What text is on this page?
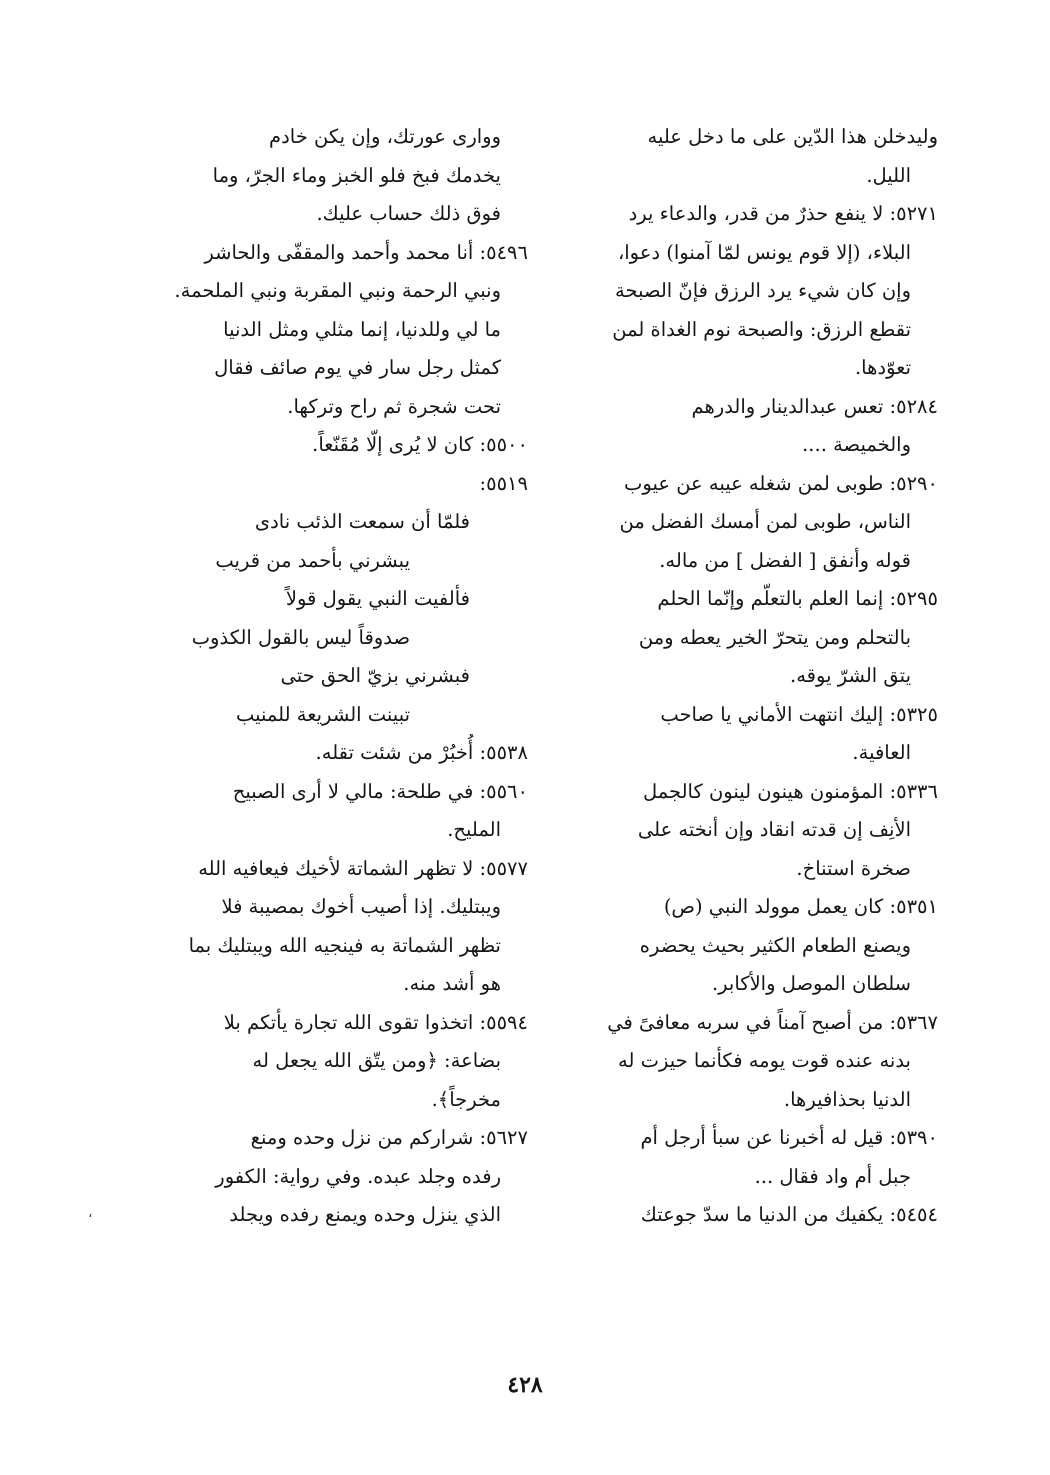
وليدخلن هذا الدّين على ما دخل عليه
الليل.
٥٢٧١: لا ينفع حذرٌ من قدر، والدعاء يرد
البلاء، (إلا قوم يونس لمّا آمنوا) دعوا،
وإن كان شيء يرد الرزق فإنّ الصبحة
تقطع الرزق: والصبحة نوم الغداة لمن
تعوّدها.
٥٢٨٤: تعس عبدالدينار والدرهم
والخميصة ....
٥٢٩٠: طوبى لمن شغله عيبه عن عيوب
الناس، طوبى لمن أمسك الفضل من
قوله وأنفق [ الفضل ] من ماله.
٥٢٩٥: إنما العلم بالتعلّم وإنّما الحلم
بالتحلم ومن يتحرّ الخير يعطه ومن
يتق الشرّ يوقه.
٥٣٢٥: إليك انتهت الأماني يا صاحب
العافية.
٥٣٣٦: المؤمنون هينون لينون كالجمل
الأنِف إن قدته انقاد وإن أنخته على
صخرة استناخ.
٥٣٥١: كان يعمل موولد النبي (ص)
ويصنع الطعام الكثير بحيث يحضره
سلطان الموصل والأكابر.
٥٣٦٧: من أصبح آمناً في سربه معافىً في
بدنه عنده قوت يومه فكأنما حيزت له
الدنيا بحذافيرها.
٥٣٩٠: قيل له أخبرنا عن سبأ أرجل أم
جبل أم واد فقال ...
٥٤٥٤: يكفيك من الدنيا ما سدّ جوعتك
وواری عورتك، وإن يكن خادم
يخدمك فبخ فلو الخبز وماء الجرّ، وما
فوق ذلك حساب عليك.
٥٤٩٦: أنا محمد وأحمد والمقفّى والحاشر
ونبي الرحمة ونبي المقربة ونبي الملحمة.
ما لي وللدنيا، إنما مثلي ومثل الدنيا
كمثل رجل سار في يوم صائف فقال
تحت شجرة ثم راح وتركها.
٥٥٠٠: كان لا يُرى إلّا مُقَنّعاً.
٥٥١٩:
فلمّا أن سمعت الذئب نادى
يبشرني بأحمد من قريب
فألفيت النبي يقول قولاً
صدوقاً ليس بالقول الكذوب
فبشرني بزيّ الحق حتى
تبينت الشريعة للمنيب
٥٥٣٨: أُخبُرْ من شئت تقله.
٥٥٦٠: في طلحة: مالي لا أرى الصبيح
المليح.
٥٥٧٧: لا تظهر الشماتة لأخيك فيعافيه الله
ويبتليك. إذا أصيب أخوك بمصيبة فلا
تظهر الشماتة به فينجيه الله ويبتليك بما
هو أشد منه.
٥٥٩٤: اتخذوا تقوى الله تجارة يأتكم بلا
بضاعة: ﴿ومن يتّق الله يجعل له
مخرجاً﴾.
٥٦٢٧: شراركم من نزل وحده ومنع
رفده وجلد عبده. وفي رواية: الكفور
الذي ينزل وحده ويمنع رفده ويجلد
،
٤٢٨
